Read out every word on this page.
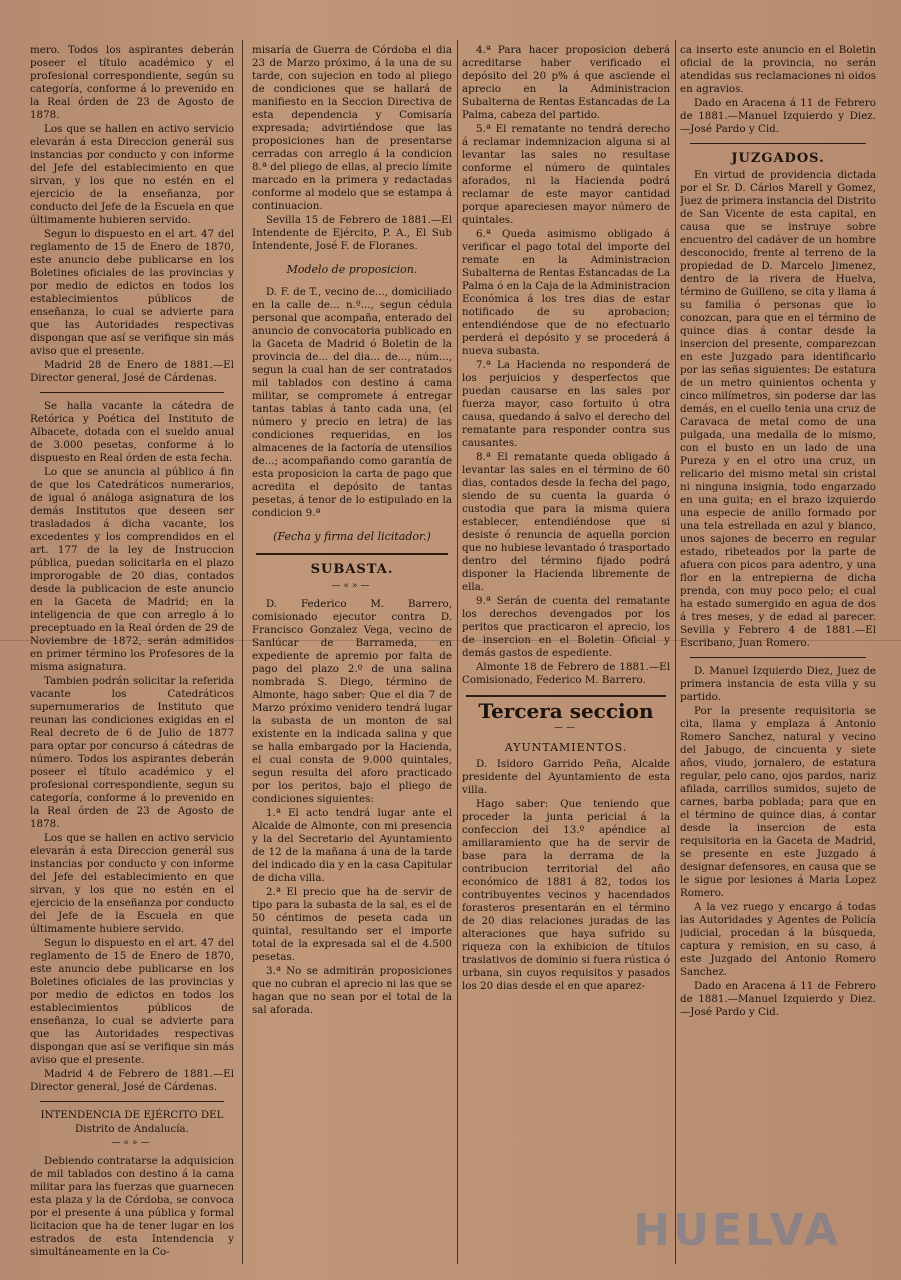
mero. Todos los aspirantes deberán poseer el título académico y el profesional correspondiente, según su categoría, conforme á lo prevenido en la Real órden de 23 de Agosto de 1878.

Los que se hallen en activo servicio elevarán á esta Direccion generál sus instancias por conducto y con informe del Jefe del establecimiento en que sirvan, y los que no estén en el ejercicio de la enseñanza, por conducto del Jefe de la Escuela en que últimamente hubieren servido.

Segun lo dispuesto en el art. 47 del reglamento de 15 de Enero de 1870, este anuncio debe publicarse en los Boletines oficiales de las provincias y por medio de edictos en todos los establecimientos públicos de enseñanza, lo cual se advierte para que las Autoridades respectivas dispongan que así se verifique sin más aviso que el presente.

Madrid 28 de Enero de 1881.—El Director general, José de Cárdenas.

Se halla vacante la cátedra de Retórica y Poética del Instituto de Albacete, dotada con el sueldo anual de 3.000 pesetas, conforme á lo dispuesto en Real órden de esta fecha.

Lo que se anuncia al público á fin de que los Catedráticos numerarios, de igual ó análoga asignatura de los demás Institutos que deseen ser trasladados á dicha vacante, los excedentes y los comprendidos en el art. 177 de la ley de Instruccion pública, puedan solicitarla en el plazo improrogable de 20 dias, contados desde la publicacion de este anuncio en la Gaceta de Madrid; en la inteligencia de que con arreglo á lo preceptuado en la Real órden de 29 de Noviembre de 1872, serán admitidos en primer término los Profesores de la misma asignatura.

Tambien podrán solicitar la referida vacante los Catedráticos supernumerarios de Instituto que reunan las condiciones exigidas en el Real decreto de 6 de Julio de 1877 para optar por concurso á cátedras de número. Todos los aspirantes deberán poseer el título académico y el profesional correspondiente, segun su categoría, conforme á lo prevenido en la Real órden de 23 de Agosto de 1878.

Los que se hallen en activo servicio elevarán á esta Direccion generál sus instancias por conducto y con informe del Jefe del establecimiento en que sirvan, y los que no estén en el ejercicio de la enseñanza por conducto del Jefe de la Escuela en que últimamente hubiere servido.

Segun lo dispuesto en el art. 47 del reglamento de 15 de Enero de 1870, este anuncio debe publicarse en los Boletines oficiales de las provincias y por medio de edictos en todos los establecimientos públicos de enseñanza, lo cual se advierte para que las Autoridades respectivas dispongan que así se verifique sin más aviso que el presente.

Madrid 4 de Febrero de 1881.—El Director general, José de Cárdenas.

INTENDENCIA DE EJÉRCITO DEL

Distrito de Andalucía.

—«»—

Debiendo contratarse la adquisicion de mil tablados con destino á la cama militar para las fuerzas que guarnecen esta plaza y la de Córdoba, se convoca por el presente á una pública y formal licitacion que ha de tener lugar en los estrados de esta Intendencia y simultáneamente en la Co-

misaría de Guerra de Córdoba el dia 23 de Marzo próximo, á la una de su tarde, con sujecion en todo al pliego de condiciones que se hallará de manifiesto en la Seccion Directiva de esta dependencia y Comisaría expresada; advirtiéndose que las proposiciones han de presentarse cerradas con arreglo á la condicion 8.ª del pliego de ellas, al precio límite marcado en la primera y redactadas conforme al modelo que se estampa á continuacion.

Sevilla 15 de Febrero de 1881.—El Intendente de Ejército, P. A., El Sub Intendente, José F. de Floranes.

Modelo de proposicion.

D. F. de T., vecino de..., domiciliado en la calle de... n.º..., segun cédula personal que acompaña, enterado del anuncio de convocatoria publicado en la Gaceta de Madrid ó Boletin de la provincia de... del dia... de..., núm..., segun la cual han de ser contratados mil tablados con destino á cama militar, se compromete á entregar tantas tablas á tanto cada una, (el número y precio en letra) de las condiciones requeridas, en los almacenes de la factoría de utensilios de...; acompañando como garantía de esta proposicion la carta de pago que acredita el depósito de tantas pesetas, á tenor de lo estipulado en la condicion 9.ª

(Fecha y firma del licitador.)

SUBASTA.
—«»—

D. Federico M. Barrero, comisionado ejecutor contra D. Francisco Gonzalez Vega, vecino de Sanlúcar de Barrameda, en expediente de apremio por falta de pago del plazo 2.º de una salina nombrada S. Diego, término de Almonte, hago saber: Que el dia 7 de Marzo próximo venidero tendrá lugar la subasta de un monton de sal existente en la indicada salina y que se halla embargado por la Hacienda, el cual consta de 9.000 quintales, segun resulta del aforo practicado por los peritos, bajo el pliego de condiciones siguientes:

1.ª El acto tendrá lugar ante el Alcalde de Almonte, con mi presencia y la del Secretario del Ayuntamiento de 12 de la mañana á una de la tarde del indicado dia y en la casa Capitular de dicha villa.

2.ª El precio que ha de servir de tipo para la subasta de la sal, es el de 50 céntimos de peseta cada un quintal, resultando ser el importe total de la expresada sal el de 4.500 pesetas.

3.ª No se admitirán proposiciones que no cubran el aprecio ni las que se hagan que no sean por el total de la sal aforada.

4.ª Para hacer proposicion deberá acreditarse haber verificado el depósito del 20 p% á que asciende el aprecio en la Administracion Subalterna de Rentas Estancadas de La Palma, cabeza del partido.

5.ª El rematante no tendrá derecho á reclamar indemnizacion alguna si al levantar las sales no resultase conforme el número de quintales aforados, ni la Hacienda podrá reclamar de este mayor cantidad porque apareciesen mayor número de quintales.

6.ª Queda asimismo obligado á verificar el pago total del importe del remate en la Administracion Subalterna de Rentas Estancadas de La Palma ó en la Caja de la Administracion Económica á los tres dias de estar notificado de su aprobacion; entendiéndose que de no efectuarlo perderá el depósito y se procederá á nueva subasta.

7.ª La Hacienda no responderá de los perjuicios y desperfectos que puedan causarse en las sales por fuerza mayor, caso fortuito ú otra causa, quedando á salvo el derecho del rematante para responder contra sus causantes.

8.ª El rematante queda obligado á levantar las sales en el término de 60 dias, contados desde la fecha del pago, siendo de su cuenta la guarda ó custodia que para la misma quiera establecer, entendiéndose que si desiste ó renuncia de aquella porcion que no hubiese levantado ó trasportado dentro del término fijado podrá disponer la Hacienda libremente de ella.

9.ª Serán de cuenta del rematante los derechos devengados por los peritos que practicaron el aprecio, los de insercion en el Boletin Oficial y demás gastos de espediente.

Almonte 18 de Febrero de 1881.—El Comisionado, Federico M. Barrero.

Tercera seccion
——
AYUNTAMIENTOS.

D. Isidoro Garrido Peña, Alcalde presidente del Ayuntamiento de esta villa.

Hago saber: Que teniendo que proceder la junta pericial á la confeccion del 13.º apéndice al amillaramiento que ha de servir de base para la derrama de la contribucion territorial del año económico de 1881 á 82, todos los contribuyentes vecinos y hacendados forasteros presentarán en el término de 20 dias relaciones juradas de las alteraciones que haya sufrido su riqueza con la exhibicion de títulos traslativos de dominio si fuera rústica ó urbana, sin cuyos requisitos y pasados los 20 dias desde el en que aparez-

ca inserto este anuncio en el Boletin oficial de la provincia, no serán atendidas sus reclamaciones ni oidos en agravios.

Dado en Aracena á 11 de Febrero de 1881.—Manuel Izquierdo y Diez.—José Pardo y Cid.

JUZGADOS.

En virtud de providencia dictada por el Sr. D. Cárlos Marell y Gomez, Juez de primera instancia del Distrito de San Vicente de esta capital, en causa que se instruye sobre encuentro del cadáver de un hombre desconocido, frente al terreno de la propiedad de D. Marcelo Jimenez, dentro de la rivera de Huelva, término de Guilleno, se cita y llama á su familia ó personas que lo conozcan, para que en el término de quince dias á contar desde la insercion del presente, comparezcan en este Juzgado para identificarlo por las señas siguientes: De estatura de un metro quinientos ochenta y cinco milímetros, sin poderse dar las demás, en el cuello tenia una cruz de Caravaca de metal como de una pulgada, una medalla de lo mismo, con el busto en un lado de una Pureza y en el otro una cruz, un relicario del mismo metal sin cristal ni ninguna insignia, todo engarzado en una guita; en el brazo izquierdo una especie de anillo formado por una tela estrellada en azul y blanco, unos sajones de becerro en regular estado, ribeteados por la parte de afuera con picos para adentro, y una flor en la entrepierna de dicha prenda, con muy poco pelo; el cual ha estado sumergido en agua de dos á tres meses, y de edad al parecer. Sevilla y Febrero 4 de 1881.—El Escribano, Juan Romero.

D. Manuel Izquierdo Diez, Juez de primera instancia de esta villa y su partido.

Por la presente requisitoria se cita, llama y emplaza á Antonio Romero Sanchez, natural y vecino del Jabugo, de cincuenta y siete años, viudo, jornalero, de estatura regular, pelo cano, ojos pardos, nariz afilada, carrillos sumidos, sujeto de carnes, barba poblada; para que en el término de quince dias, á contar desde la insercion de esta requisitoria en la Gaceta de Madrid, se presente en este Juzgado á designar defensores, en causa que se le sigue por lesiones á Maria Lopez Romero.

A la vez ruego y encargo á todas las Autoridades y Agentes de Policía judicial, procedan á la búsqueda, captura y remision, en su caso, á este Juzgado del Antonio Romero Sanchez.

Dado en Aracena á 11 de Febrero de 1881.—Manuel Izquierdo y Diez.—José Pardo y Cid.

HUELVA
